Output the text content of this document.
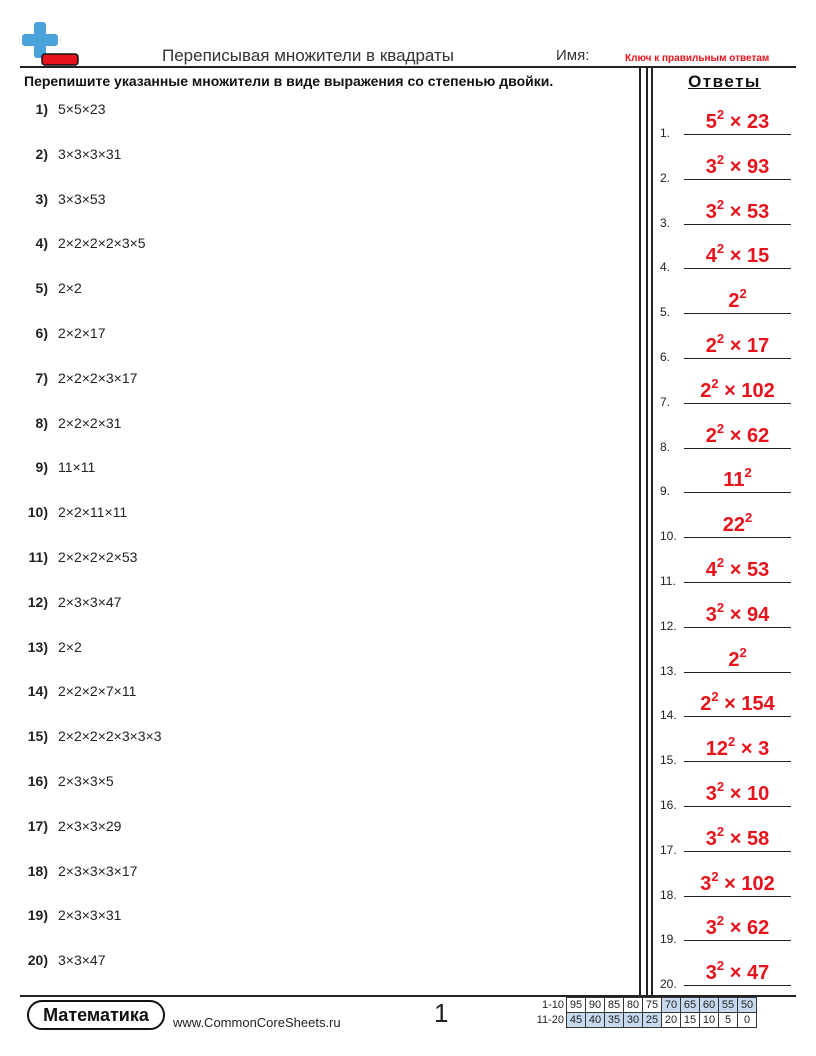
Переписывая множители в квадраты	Имя:	Ключ к правильным ответам
Перепишите указанные множители в виде выражения со степенью двойки.	Ответы
1) 5×5×23
2) 3×3×3×31
3) 3×3×53
4) 2×2×2×2×3×5
5) 2×2
6) 2×2×17
7) 2×2×2×3×17
8) 2×2×2×31
9) 11×11
10) 2×2×11×11
11) 2×2×2×2×53
12) 2×3×3×47
13) 2×2
14) 2×2×2×7×11
15) 2×2×2×2×3×3×3
16) 2×3×3×5
17) 2×3×3×29
18) 2×3×3×3×17
19) 2×3×3×31
20) 3×3×47
1.	$5^2 \times 23$
2.	$3^2 \times 93$
3.	$3^2 \times 53$
4.	$4^2 \times 15$
5.	$2^2$
6.	$2^2 \times 17$
7.	$2^2 \times 102$
8.	$2^2 \times 62$
9.	$11^2$
10.	$22^2$
11.	$4^2 \times 53$
12.	$3^2 \times 94$
13.	$2^2$
14.	$2^2 \times 154$
15.	$12^2 \times 3$
16.	$3^2 \times 10$
17.	$3^2 \times 58$
18.	$3^2 \times 102$
19.	$3^2 \times 62$
20.	$3^2 \times 47$
Математика	www.CommonCoreSheets.ru	1	1-10	95	90	85	80	75	70	65	60	55	50
11-20	45	40	35	30	25	20	15	10	5	0
